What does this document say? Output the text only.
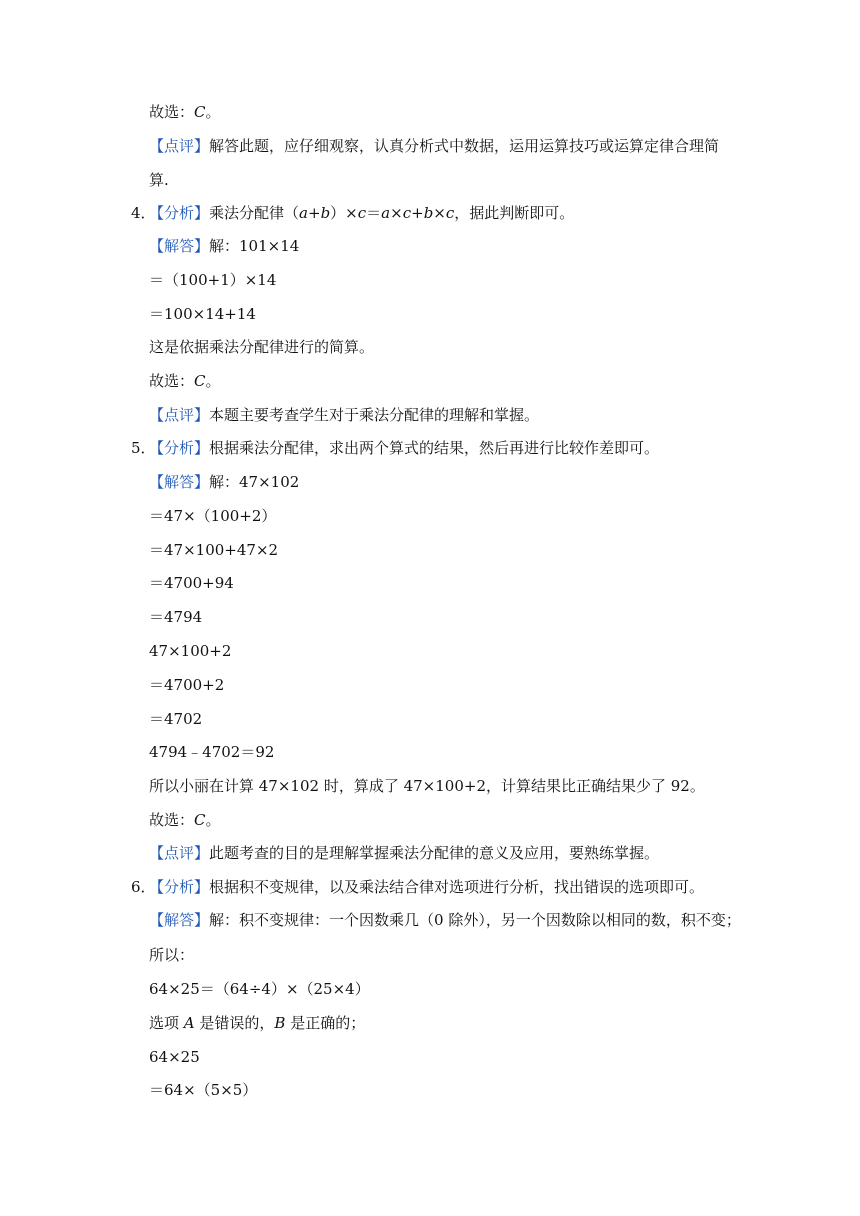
故选：C。
【点评】解答此题，应仔细观察，认真分析式中数据，运用运算技巧或运算定律合理简
算.
4．
【分析】乘法分配律（a+b）×c＝a×c+b×c，据此判断即可。
【解答】解：101×14
＝（100+1）×14
＝100×14+14
这是依据乘法分配律进行的简算。
故选：C。
【点评】本题主要考查学生对于乘法分配律的理解和掌握。
5．
【分析】根据乘法分配律，求出两个算式的结果，然后再进行比较作差即可。
【解答】解：47×102
＝47×（100+2）
＝47×100+47×2
＝4700+94
＝4794
47×100+2
＝4700+2
＝4702
4794﹣4702＝92
所以小丽在计算 47×102 时，算成了 47×100+2，计算结果比正确结果少了 92。
故选：C。
【点评】此题考查的目的是理解掌握乘法分配律的意义及应用，要熟练掌握。
6．
【分析】根据积不变规律，以及乘法结合律对选项进行分析，找出错误的选项即可。
【解答】解：积不变规律：一个因数乘几（0 除外），另一个因数除以相同的数，积不变；
所以：
64×25＝（64÷4）×（25×4）
选项 A 是错误的，B 是正确的；
64×25
＝64×（5×5）
